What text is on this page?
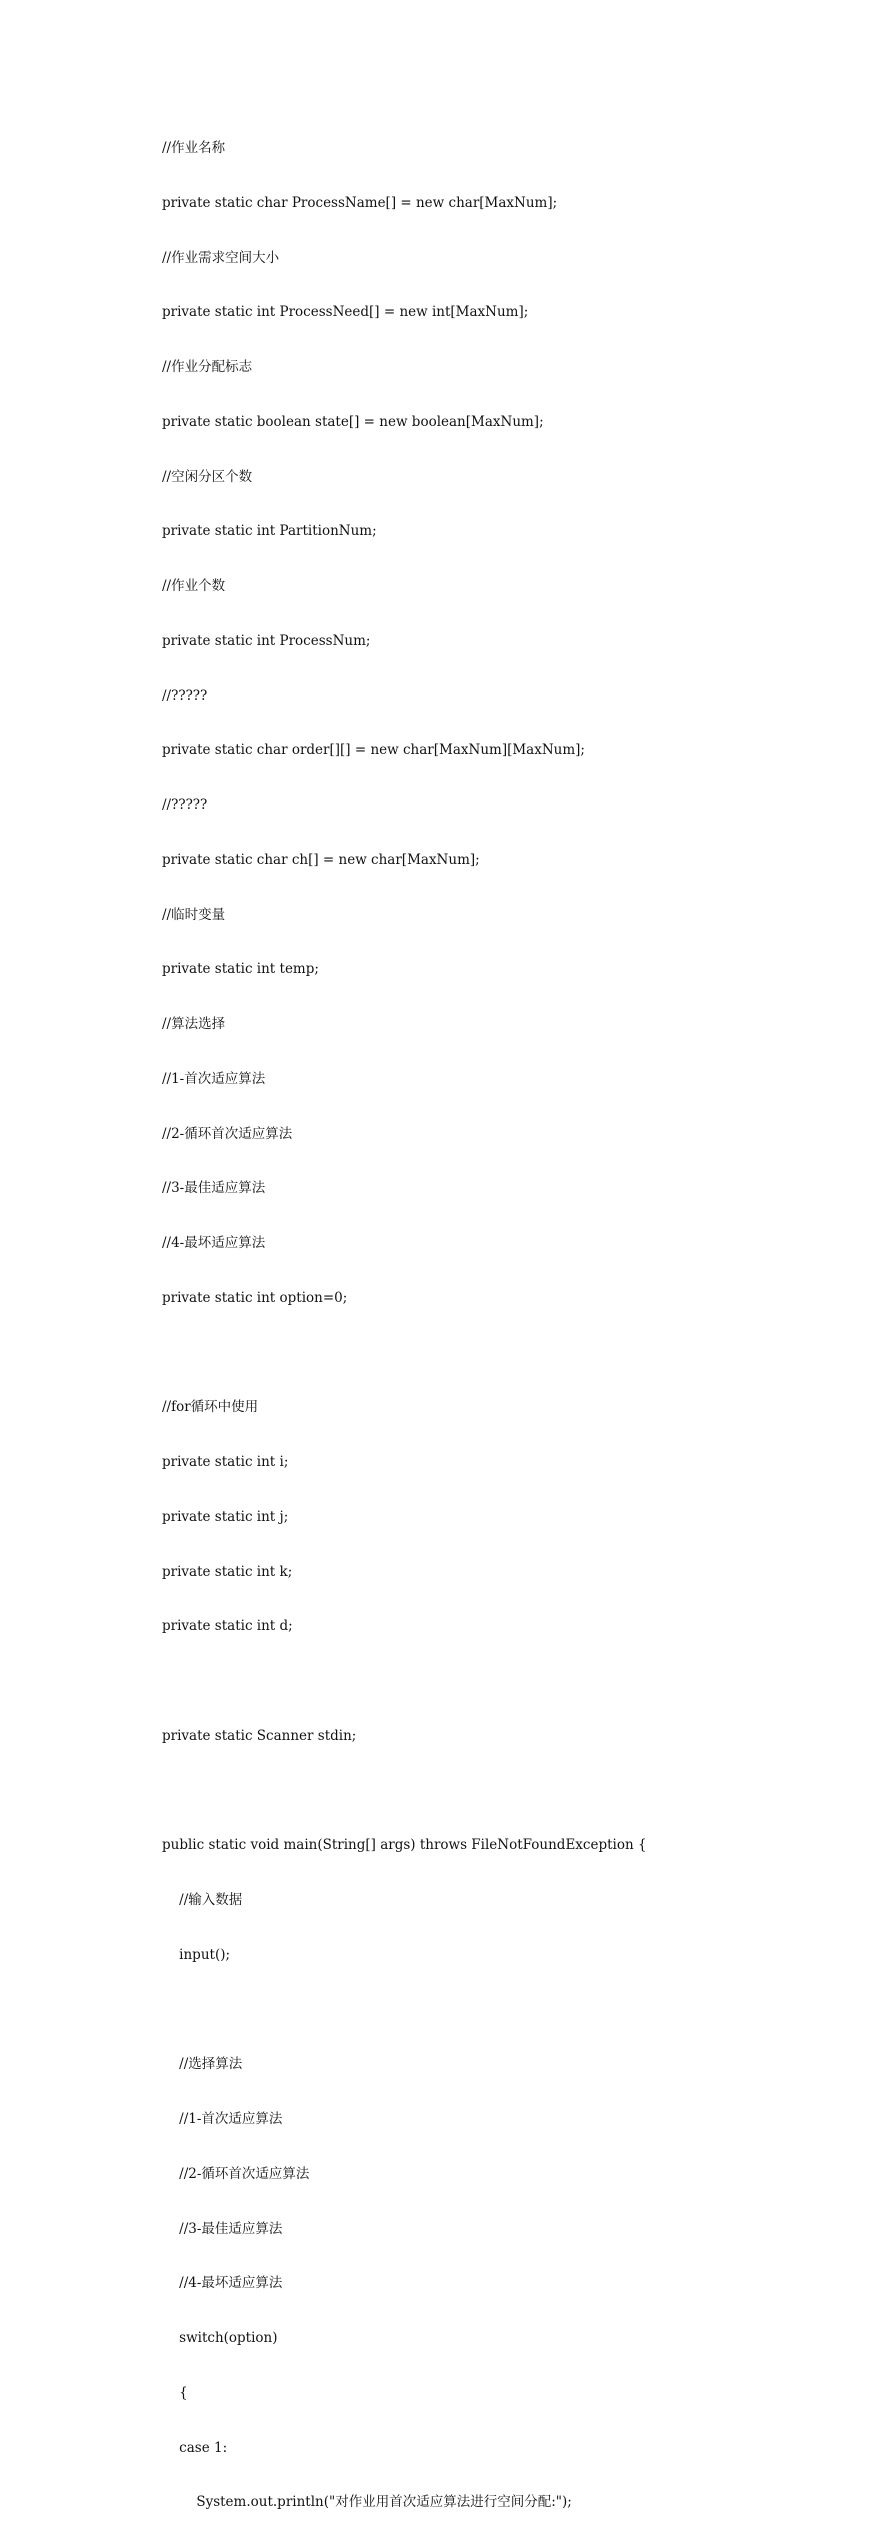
//作业名称

private static char ProcessName[] = new char[MaxNum];

//作业需求空间大小

private static int ProcessNeed[] = new int[MaxNum];

//作业分配标志

private static boolean state[] = new boolean[MaxNum];

//空闲分区个数

private static int PartitionNum;

//作业个数

private static int ProcessNum;

//?????

private static char order[][] = new char[MaxNum][MaxNum];

//?????

private static char ch[] = new char[MaxNum];

//临时变量

private static int temp;

//算法选择

//1-首次适应算法

//2-循环首次适应算法

//3-最佳适应算法

//4-最坏适应算法

private static int option=0;

//for循环中使用

private static int i;

private static int j;

private static int k;

private static int d;

private static Scanner stdin;

public static void main(String[] args) throws FileNotFoundException {

//输入数据

input();

//选择算法

//1-首次适应算法

//2-循环首次适应算法

//3-最佳适应算法

//4-最坏适应算法

switch(option)

{

case 1:

System.out.println("对作业用首次适应算法进行空间分配:");
